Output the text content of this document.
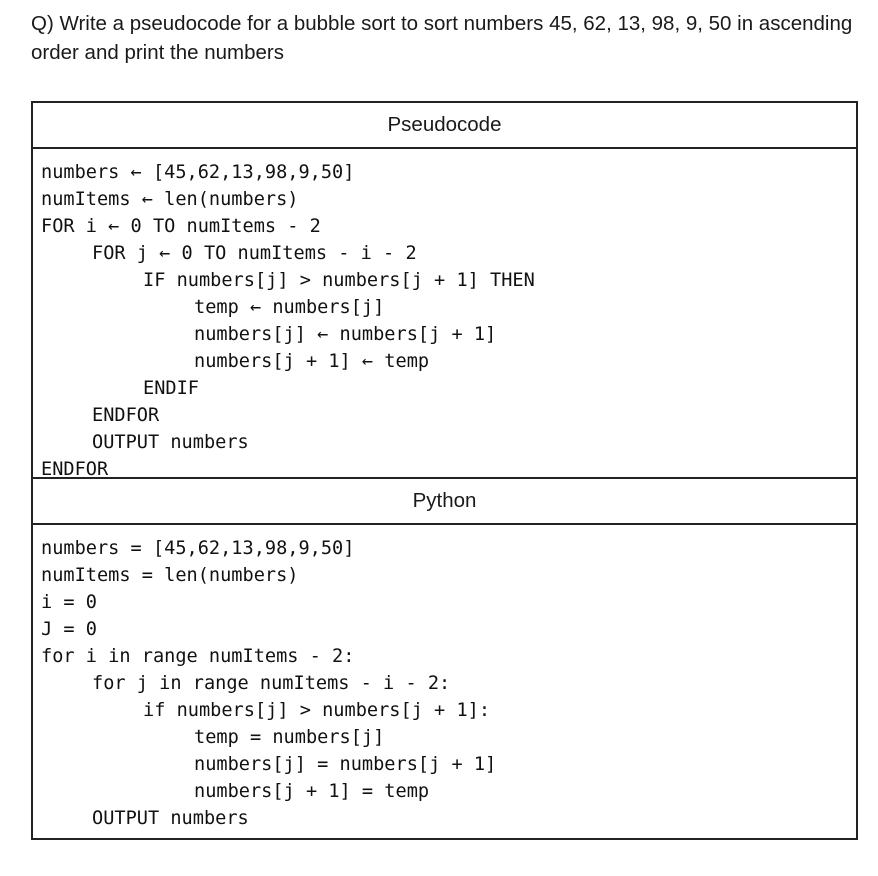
Q) Write a pseudocode for a bubble sort to sort numbers 45, 62, 13, 98, 9, 50 in ascending order and print the numbers

Pseudocode
numbers ← [45,62,13,98,9,50]
numItems ← len(numbers)
FOR i ← 0 TO numItems - 2
FOR j ← 0 TO numItems - i - 2
IF numbers[j] > numbers[j + 1] THEN
temp ← numbers[j]
numbers[j] ← numbers[j + 1]
numbers[j + 1] ← temp
ENDIF
ENDFOR
OUTPUT numbers
ENDFOR
Python
numbers = [45,62,13,98,9,50]
numItems = len(numbers)
i = 0
J = 0
for i in range numItems - 2:
for j in range numItems - i - 2:
if numbers[j] > numbers[j + 1]:
temp = numbers[j]
numbers[j] = numbers[j + 1]
numbers[j + 1] = temp
OUTPUT numbers
